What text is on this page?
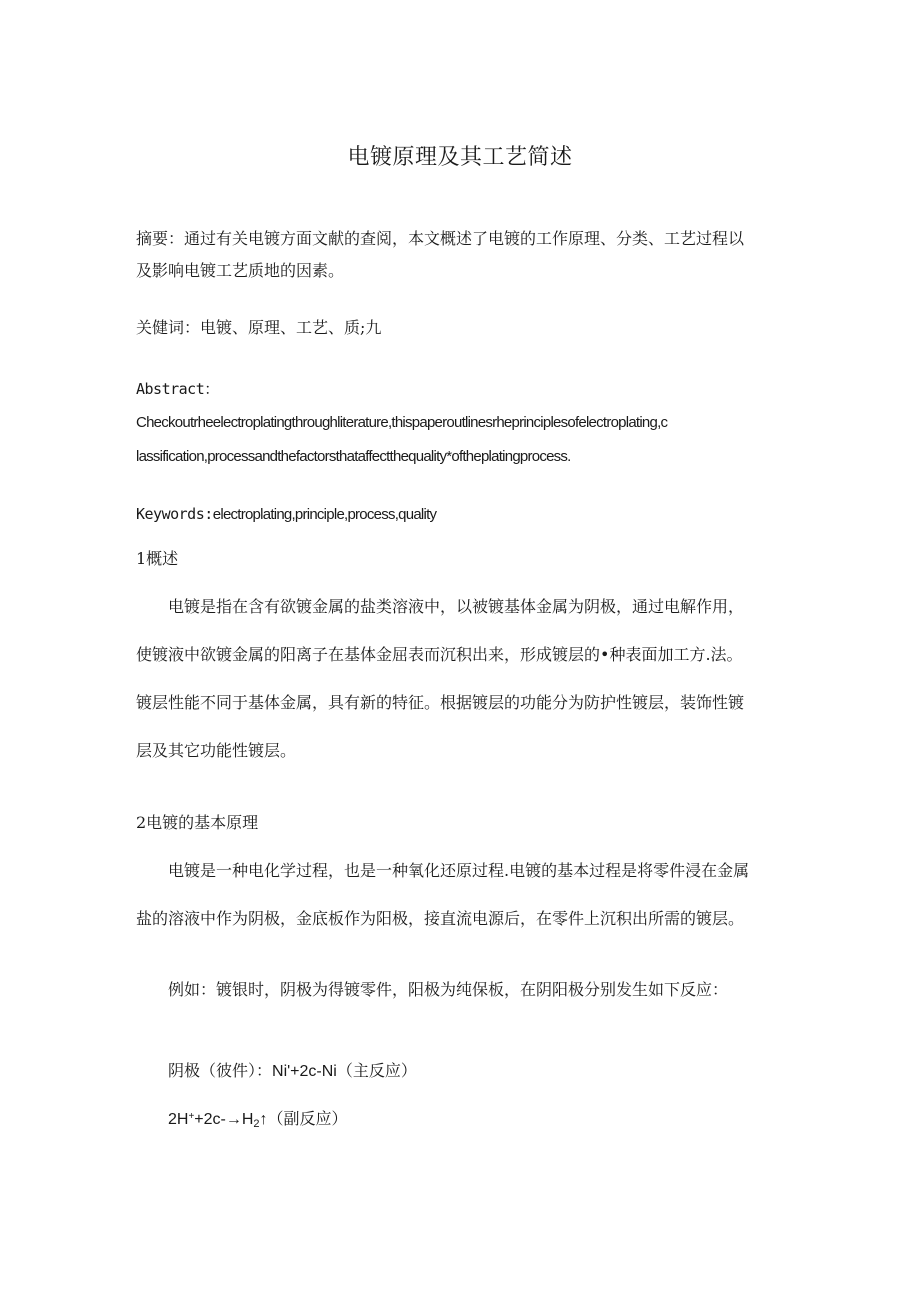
电镀原理及其工艺简述
摘要：通过有关电镀方面文献的查阅，本文概述了电镀的工作原理、分类、工艺过程以
及影响电镀工艺质地的因素。
关健词：电镀、原理、工艺、质;九
Abstract：
Checkoutrheelectroplatingthroughliterature,thispaperoutlinesrheprinciplesofelectroplating,c
lassification,processandthefactorsthataffectthequality*oftheplatingprocess.
Keywords:electroplating,principle,process,quality
1概述
电镀是指在含有欲镀金属的盐类溶液中，以被镀基体金属为阴极，通过电解作用，
使镀液中欲镀金属的阳离子在基体金屈表而沉积出来，形成镀层的•种表面加工方.法。
镀层性能不同于基体金属，具有新的特征。根据镀层的功能分为防护性镀层，装饰性镀
层及其它功能性镀层。
2电镀的基本原理
电镀是一种电化学过程，也是一种氧化还原过程.电镀的基本过程是将零件浸在金属
盐的溶液中作为阴极，金底板作为阳极，接直流电源后，在零件上沉积出所需的镀层。
例如：镀银时，阴极为得镀零件，阳极为纯保板，在阴阳极分别发生如下反应：
阴极（彼件）：Ni'+2c-Ni（主反应）
$2H^++2c-\to H_2↑$（副反应）
